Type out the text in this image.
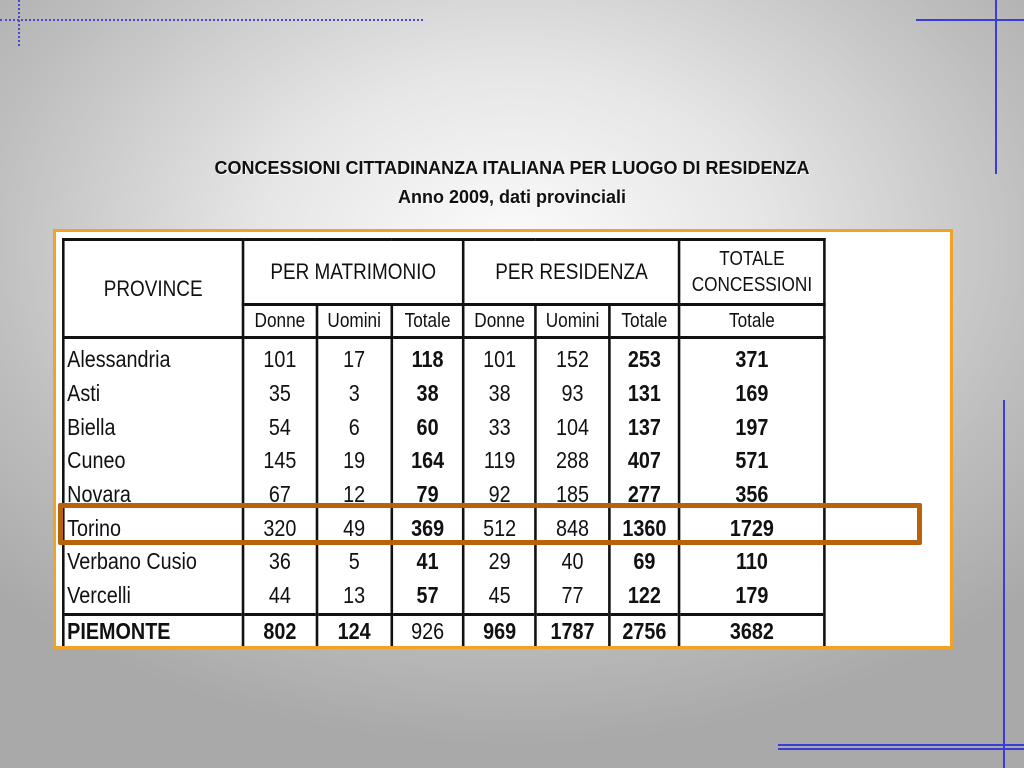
CONCESSIONI CITTADINANZA ITALIANA PER LUOGO DI RESIDENZA
Anno 2009, dati provinciali
PROVINCE	PER MATRIMONIO			PER RESIDENZA			TOTALE
CONCESSIONI

	Donne	Uomini	Totale	Donne	Uomini	Totale	Totale
Alessandria	101	17	118	101	152	253	371
Asti	35	3	38	38	93	131	169
Biella	54	6	60	33	104	137	197
Cuneo	145	19	164	119	288	407	571
Novara	67	12	79	92	185	277	356
Torino	320	49	369	512	848	1360	1729
Verbano Cusio	36	5	41	29	40	69	110
Vercelli	44	13	57	45	77	122	179
PIEMONTE	802	124	926	969	1787	2756	3682
